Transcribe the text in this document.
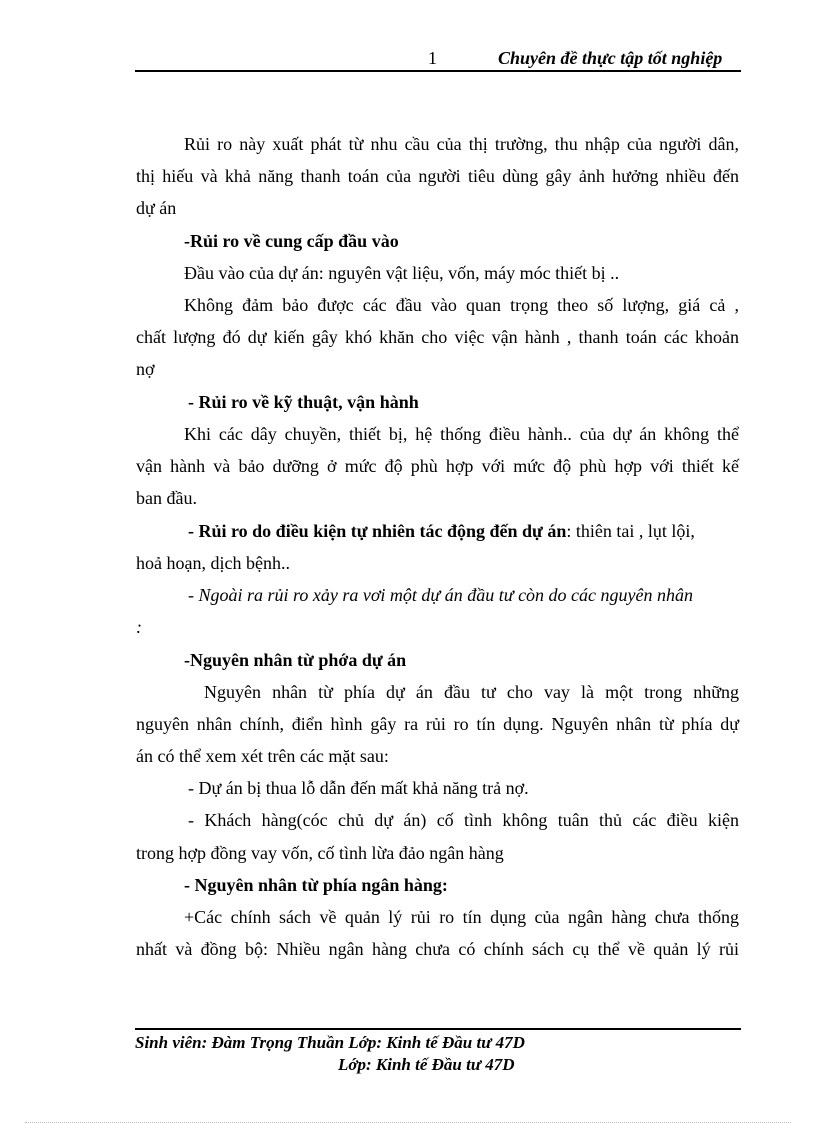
1	Chuyên đề thực tập tốt nghiệp
Rủi ro này xuất phát từ nhu cầu của thị trường, thu nhập của người dân,
thị hiếu và khả năng thanh toán của người tiêu dùng gây ảnh hưởng nhiều đến
dự án
-Rủi ro về cung cấp đầu vào
Đầu vào của dự án: nguyên vật liệu, vốn, máy móc thiết bị ..
Không đảm bảo được các đầu vào quan trọng theo số lượng, giá cả ,
chất lượng đó dự kiến gây khó khăn cho việc vận hành , thanh toán các khoản
nợ
- Rủi ro về kỹ thuật, vận hành
Khi các dây chuyền, thiết bị, hệ thống điều hành.. của dự án không thể
vận hành và bảo dưỡng ở mức độ phù hợp với mức độ phù hợp với thiết kế
ban đầu.
- Rủi ro do điều kiện tự nhiên tác động đến dự án: thiên tai , lụt lội,
hoả hoạn, dịch bệnh..
- Ngoài ra rủi ro xảy ra vơi một dự án đầu tư còn do các nguyên nhân
:
-Nguyên nhân từ phớa dự án
Nguyên nhân từ phía dự án đầu tư cho vay là một trong những
nguyên nhân chính, điển hình gây ra rủi ro tín dụng. Nguyên nhân từ phía dự
án có thể xem xét trên các mặt sau:
- Dự án bị thua lỗ dẫn đến mất khả năng trả nợ.
- Khách hàng(cóc chủ dự án) cố tình không tuân thủ các điều kiện
trong hợp đồng vay vốn, cố tình lừa đảo ngân hàng
- Nguyên nhân từ phía ngân hàng:
+Các chính sách về quản lý rủi ro tín dụng của ngân hàng chưa thống
nhất và đồng bộ: Nhiều ngân hàng chưa có chính sách cụ thể về quản lý rủi
Sinh viên: Đàm Trọng Thuần Lớp: Kinh tế Đầu tư 47D
Lớp: Kinh tế Đầu tư 47D
